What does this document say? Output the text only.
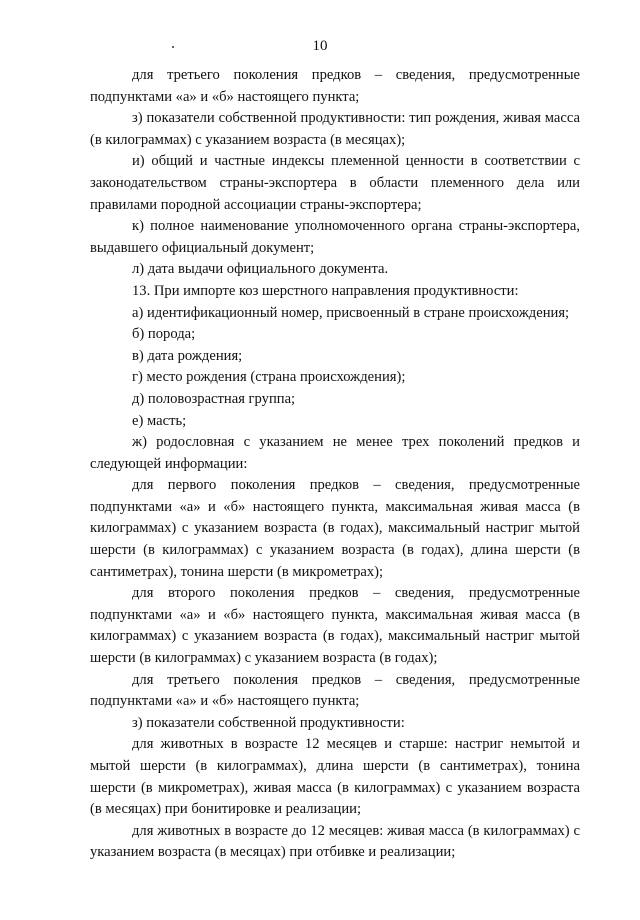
10

для третьего поколения предков – сведения, предусмотренные подпунктами «а» и «б» настоящего пункта;

з) показатели собственной продуктивности: тип рождения, живая масса (в килограммах) с указанием возраста (в месяцах);

и) общий и частные индексы племенной ценности в соответствии с законодательством страны-экспортера в области племенного дела или правилами породной ассоциации страны-экспортера;

к) полное наименование уполномоченного органа страны-экспортера, выдавшего официальный документ;

л) дата выдачи официального документа.

13. При импорте коз шерстного направления продуктивности:

а) идентификационный номер, присвоенный в стране происхождения;

б) порода;

в) дата рождения;

г) место рождения (страна происхождения);

д) половозрастная группа;

е) масть;

ж) родословная с указанием не менее трех поколений предков и следующей информации:

для первого поколения предков – сведения, предусмотренные подпунктами «а» и «б» настоящего пункта, максимальная живая масса (в килограммах) с указанием возраста (в годах), максимальный настриг мытой шерсти (в килограммах) с указанием возраста (в годах), длина шерсти (в сантиметрах), тонина шерсти (в микрометрах);

для второго поколения предков – сведения, предусмотренные подпунктами «а» и «б» настоящего пункта, максимальная живая масса (в килограммах) с указанием возраста (в годах), максимальный настриг мытой шерсти (в килограммах) с указанием возраста (в годах);

для третьего поколения предков – сведения, предусмотренные подпунктами «а» и «б» настоящего пункта;

з) показатели собственной продуктивности:

для животных в возрасте 12 месяцев и старше: настриг немытой и мытой шерсти (в килограммах), длина шерсти (в сантиметрах), тонина шерсти (в микрометрах), живая масса (в килограммах) с указанием возраста (в месяцах) при бонитировке и реализации;

для животных в возрасте до 12 месяцев: живая масса (в килограммах) с указанием возраста (в месяцах) при отбивке и реализации;
